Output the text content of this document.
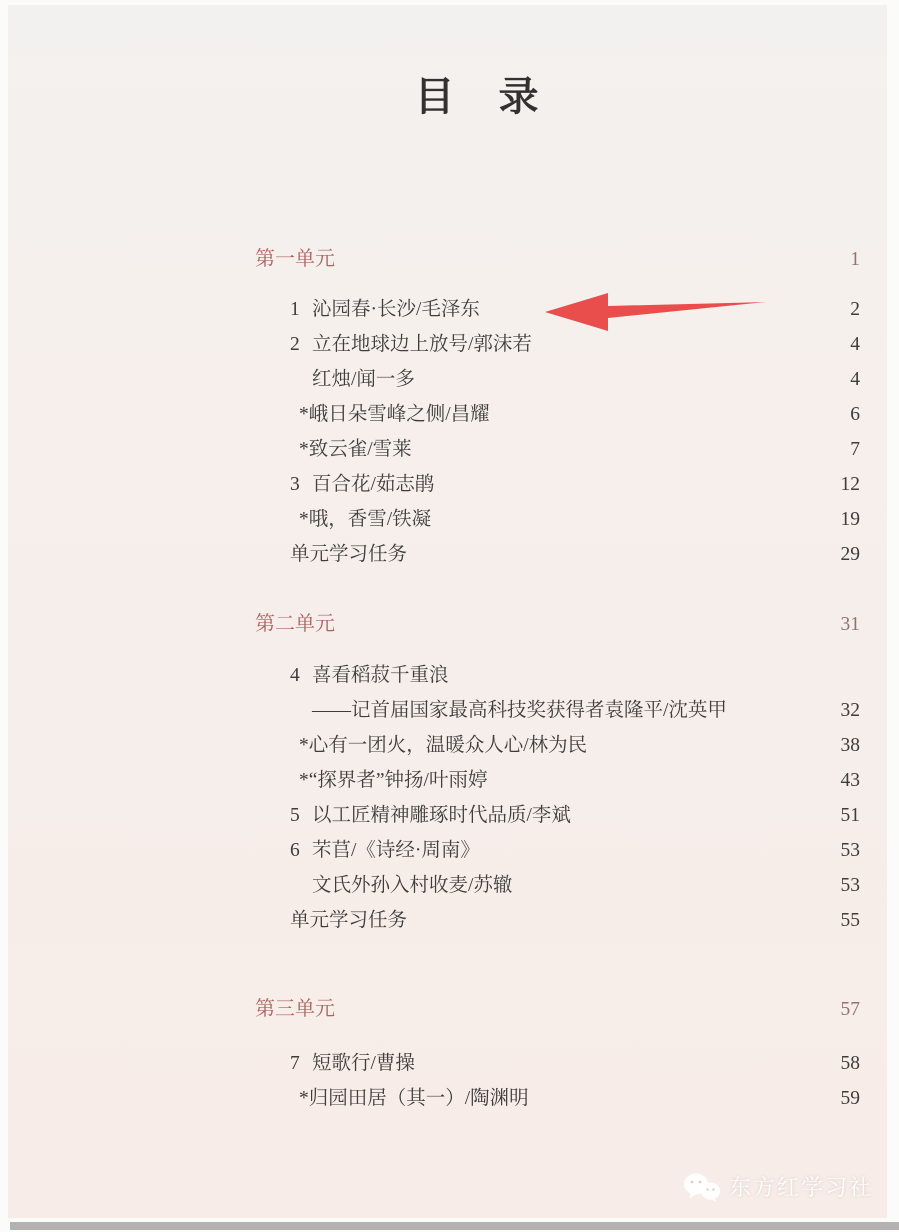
目　录
第一单元	1
1 沁园春·长沙/毛泽东	2
2 立在地球边上放号/郭沫若	4
红烛/闻一多	4
*峨日朵雪峰之侧/昌耀	6
*致云雀/雪莱	7
3 百合花/茹志鹃	12
*哦，香雪/铁凝	19
单元学习任务	29
第二单元	31
4 喜看稻菽千重浪
——记首届国家最高科技奖获得者袁隆平/沈英甲	32
*心有一团火，温暖众人心/林为民	38
*“探界者”钟扬/叶雨婷	43
5 以工匠精神雕琢时代品质/李斌	51
6 芣苢/《诗经·周南》	53
文氏外孙入村收麦/苏辙	53
单元学习任务	55
第三单元	57
7 短歌行/曹操	58
*归园田居（其一）/陶渊明	59
东方红学习社
